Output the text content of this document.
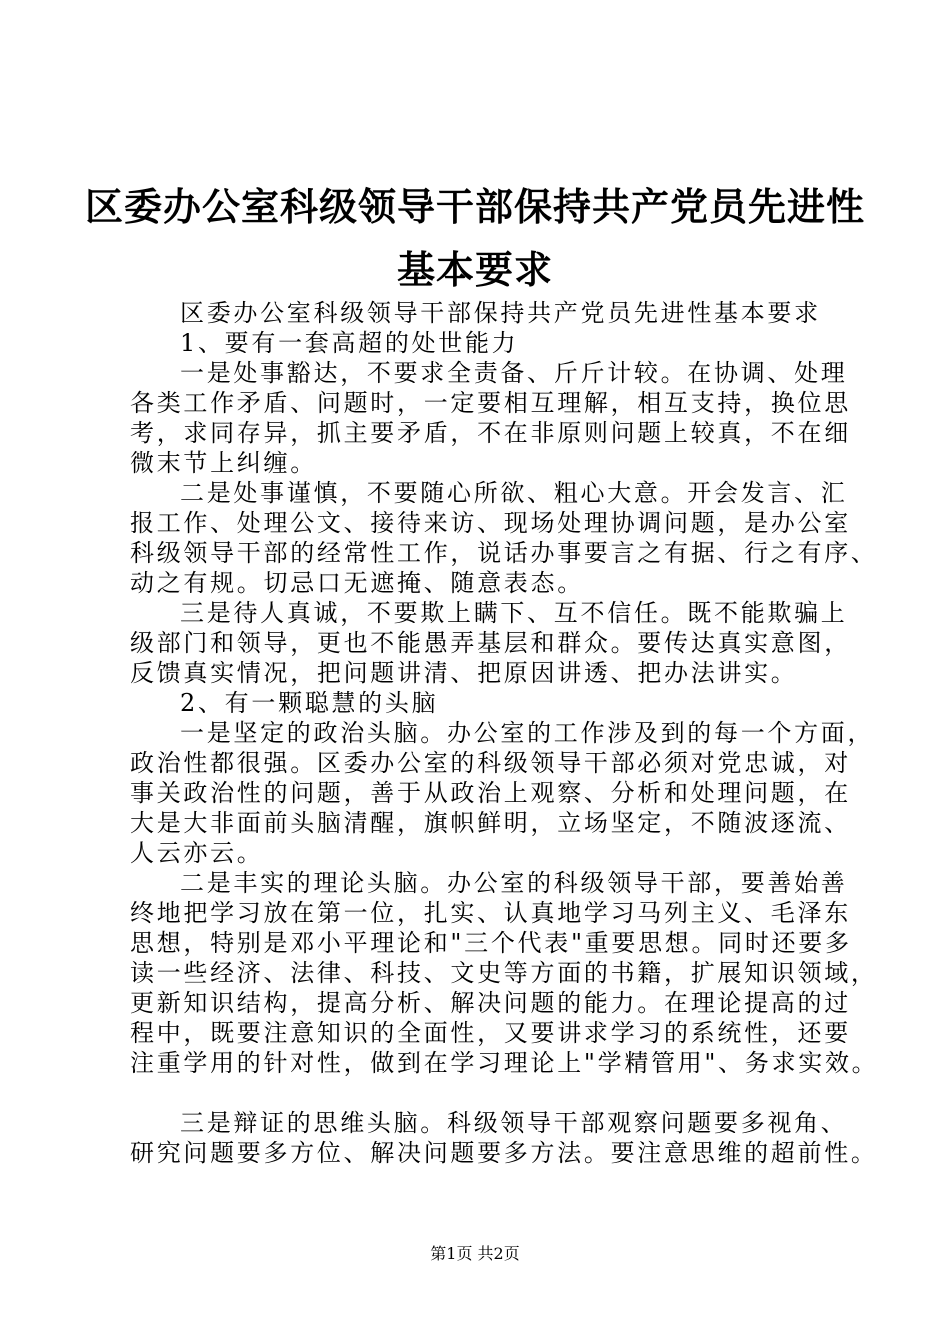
区委办公室科级领导干部保持共产党员先进性
基本要求
区委办公室科级领导干部保持共产党员先进性基本要求
1、要有一套高超的处世能力
一是处事豁达，不要求全责备、斤斤计较。在协调、处理
各类工作矛盾、问题时，一定要相互理解，相互支持，换位思
考，求同存异，抓主要矛盾，不在非原则问题上较真，不在细
微末节上纠缠。
二是处事谨慎，不要随心所欲、粗心大意。开会发言、汇
报工作、处理公文、接待来访、现场处理协调问题，是办公室
科级领导干部的经常性工作，说话办事要言之有据、行之有序、
动之有规。切忌口无遮掩、随意表态。
三是待人真诚，不要欺上瞒下、互不信任。既不能欺骗上
级部门和领导，更也不能愚弄基层和群众。要传达真实意图，
反馈真实情况，把问题讲清、把原因讲透、把办法讲实。
2、有一颗聪慧的头脑
一是坚定的政治头脑。办公室的工作涉及到的每一个方面，
政治性都很强。区委办公室的科级领导干部必须对党忠诚，对
事关政治性的问题，善于从政治上观察、分析和处理问题，在
大是大非面前头脑清醒，旗帜鲜明，立场坚定，不随波逐流、
人云亦云。
二是丰实的理论头脑。办公室的科级领导干部，要善始善
终地把学习放在第一位，扎实、认真地学习马列主义、毛泽东
思想，特别是邓小平理论和"三个代表"重要思想。同时还要多
读一些经济、法律、科技、文史等方面的书籍，扩展知识领域，
更新知识结构，提高分析、解决问题的能力。在理论提高的过
程中，既要注意知识的全面性，又要讲求学习的系统性，还要
注重学用的针对性，做到在学习理论上"学精管用"、务求实效。
三是辩证的思维头脑。科级领导干部观察问题要多视角、
研究问题要多方位、解决问题要多方法。要注意思维的超前性。
第1页 共2页
